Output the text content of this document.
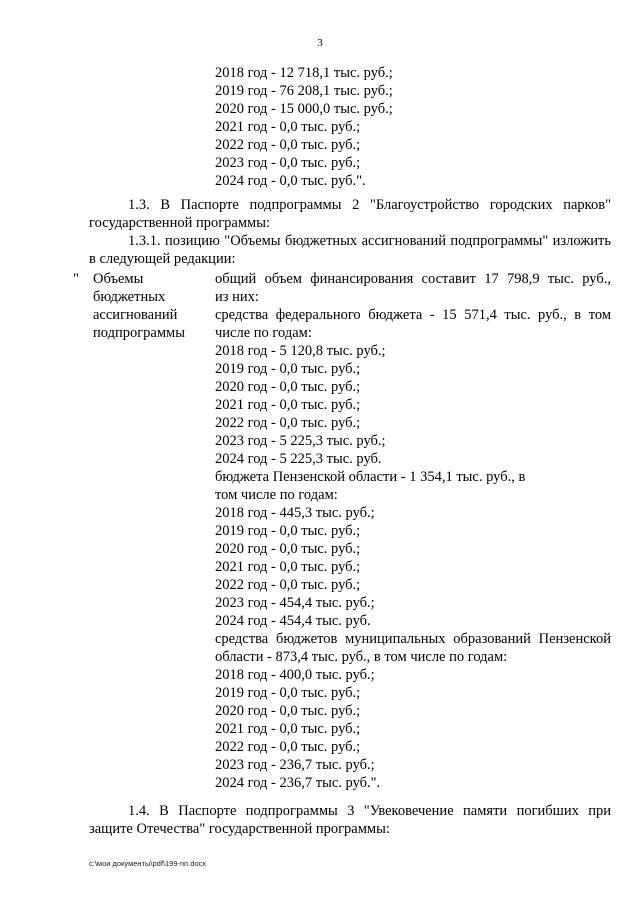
3
2018 год - 12 718,1 тыс. руб.;
2019 год - 76 208,1 тыс. руб.;
2020 год - 15 000,0 тыс. руб.;
2021 год - 0,0 тыс. руб.;
2022 год - 0,0 тыс. руб.;
2023 год - 0,0 тыс. руб.;
2024 год - 0,0 тыс. руб.".

1.3. В Паспорте подпрограммы 2 "Благоустройство городских парков" государственной программы:

1.3.1. позицию "Объемы бюджетных ассигнований подпрограммы" изложить в следующей редакции:

" Объемы
бюджетных
ассигнований
подпрограммы
общий объем финансирования составит 17 798,9 тыс. руб.,
из них:
средства федерального бюджета - 15 571,4 тыс. руб., в том числе по годам:
2018 год - 5 120,8 тыс. руб.;
2019 год - 0,0 тыс. руб.;
2020 год - 0,0 тыс. руб.;
2021 год - 0,0 тыс. руб.;
2022 год - 0,0 тыс. руб.;
2023 год - 5 225,3 тыс. руб.;
2024 год - 5 225,3 тыс. руб.
бюджета Пензенской области - 1 354,1 тыс. руб., в
том числе по годам:
2018 год - 445,3 тыс. руб.;
2019 год - 0,0 тыс. руб.;
2020 год - 0,0 тыс. руб.;
2021 год - 0,0 тыс. руб.;
2022 год - 0,0 тыс. руб.;
2023 год - 454,4 тыс. руб.;
2024 год - 454,4 тыс. руб.
средства бюджетов муниципальных образований Пензенской области - 873,4 тыс. руб., в том числе по годам:
2018 год - 400,0 тыс. руб.;
2019 год - 0,0 тыс. руб.;
2020 год - 0,0 тыс. руб.;
2021 год - 0,0 тыс. руб.;
2022 год - 0,0 тыс. руб.;
2023 год - 236,7 тыс. руб.;
2024 год - 236,7 тыс. руб.".

1.4. В Паспорте подпрограммы 3 "Увековечение памяти погибших при защите Отечества" государственной программы:

c:\мои документы\pdf\199-пп.docx
